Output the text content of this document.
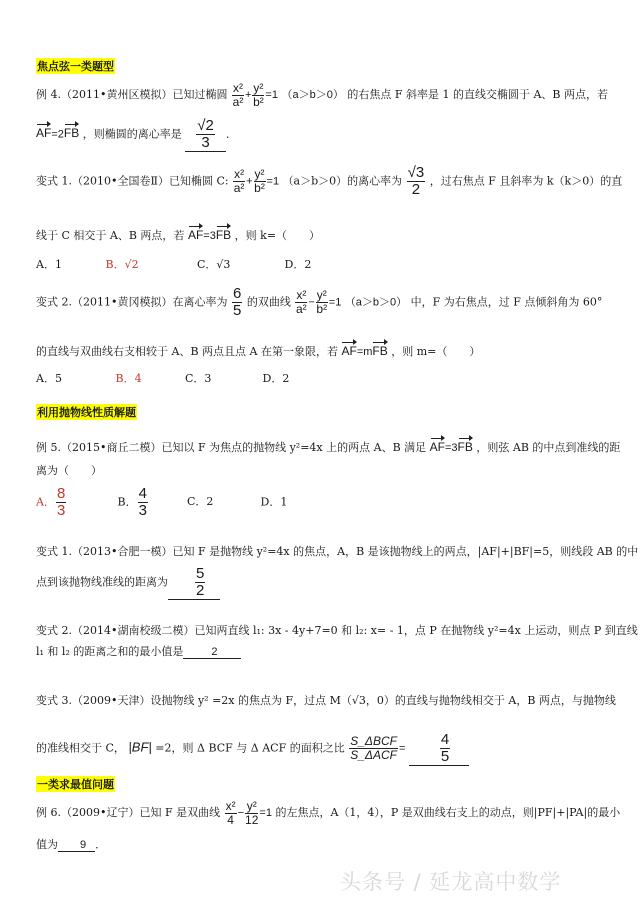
焦点弦一类题型
例 4.（2011•黄州区模拟）已知过椭圆 $\frac{\text{x²}}{\text{a²}} + \frac{\text{y²}}{\text{b²}} =1$ （a＞b＞0） 的右焦点 F 斜率是 1 的直线交椭圆于 A、B 两点，若
AF=2FB ，则椭圆的离心率是 $\frac{√2}{3}$ ．
变式 1.（2010•全国卷Ⅱ）已知椭圆 C: $\frac{\text{x²}}{\text{a²}} + \frac{\text{y²}}{\text{b²}} =1$ （a＞b＞0）的离心率为 $\frac{√3}{2}$ ，过右焦点 F 且斜率为 k（k＞0）的直
线于 C 相交于 A、B 两点，若 AF=3FB ，则 k=（　　）
A．1	B．√2	C．√3	D．2
变式 2.（2011•黄冈模拟）在离心率为 $\frac{6}{5}$ 的双曲线 $\frac{\text{x²}}{\text{a²}} - \frac{\text{y²}}{\text{b²}} =1$ （a＞b＞0） 中，F 为右焦点，过 F 点倾斜角为 60°
的直线与双曲线右支相较于 A、B 两点且点 A 在第一象限，若 AF=mFB ，则 m=（　　）
A．5	B．4	C．3	D．2
利用抛物线性质解题
例 5.（2015•商丘二模）已知以 F 为焦点的抛物线 y²=4x 上的两点 A、B 满足 AF=3FB ，则弦 AB 的中点到准线的距
离为（　　）
A． $\frac{8}{3}$	B． $\frac{4}{3}$	C．2	D．1
变式 1.（2013•合肥一模）已知 F 是抛物线 y²=4x 的焦点，A，B 是该抛物线上的两点，|AF|+|BF|=5，则线段 AB 的中
点到该抛物线准线的距离为 $\frac{5}{2}$
变式 2.（2014•湖南校级二模）已知两直线 l₁: 3x - 4y+7=0 和 l₂: x= - 1，点 P 在抛物线 y²=4x 上运动，则点 P 到直线
l₁ 和 l₂ 的距离之和的最小值是	2
变式 3.（2009•天津）设抛物线 y² =2x 的焦点为 F，过点 M（√3，0）的直线与抛物线相交于 A，B 两点，与抛物线
的准线相交于 C， |BF| =2，则 Δ BCF 与 Δ ACF 的面积之比 $\frac{\text{S\_ΔBCF}}{\text{S\_ΔACF}} = \frac{4}{5}$
一类求最值问题
例 6.（2009•辽宁）已知 F 是双曲线 $\frac{\text{x²}}{4} - \frac{\text{y²}}{12} =1$ 的左焦点，A（1，4），P 是双曲线右支上的动点，则|PF|+|PA|的最小
值为 9 ．
头条号 / 延龙高中数学
